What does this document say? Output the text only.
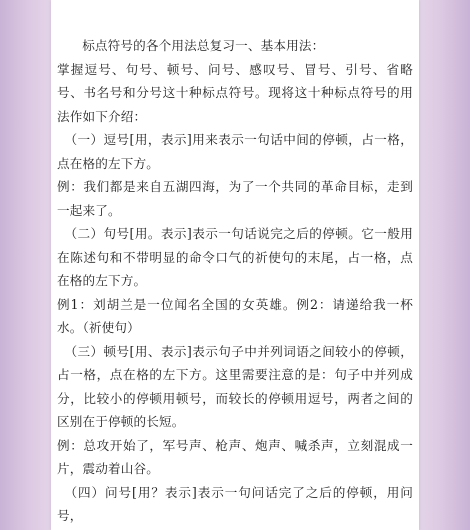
标点符号的各个用法总复习一、基本用法：

掌握逗号、句号、顿号、问号、感叹号、冒号、引号、省略号、书名号和分号这十种标点符号。现将这十种标点符号的用法作如下介绍：

（一）逗号[用，表示]用来表示一句话中间的停顿，占一格，点在格的左下方。

例：我们都是来自五湖四海，为了一个共同的革命目标，走到一起来了。

（二）句号[用。表示]表示一句话说完之后的停顿。它一般用在陈述句和不带明显的命令口气的祈使句的末尾，占一格，点在格的左下方。

例1：刘胡兰是一位闻名全国的女英雄。例2：请递给我一杯水。（祈使句）

（三）顿号[用、表示]表示句子中并列词语之间较小的停顿，占一格，点在格的左下方。这里需要注意的是：句子中并列成分，比较小的停顿用顿号，而较长的停顿用逗号，两者之间的区别在于停顿的长短。

例：总攻开始了，军号声、枪声、炮声、喊杀声，立刻混成一片，震动着山谷。

（四）问号[用？表示]表示一句问话完了之后的停顿，用问号，
